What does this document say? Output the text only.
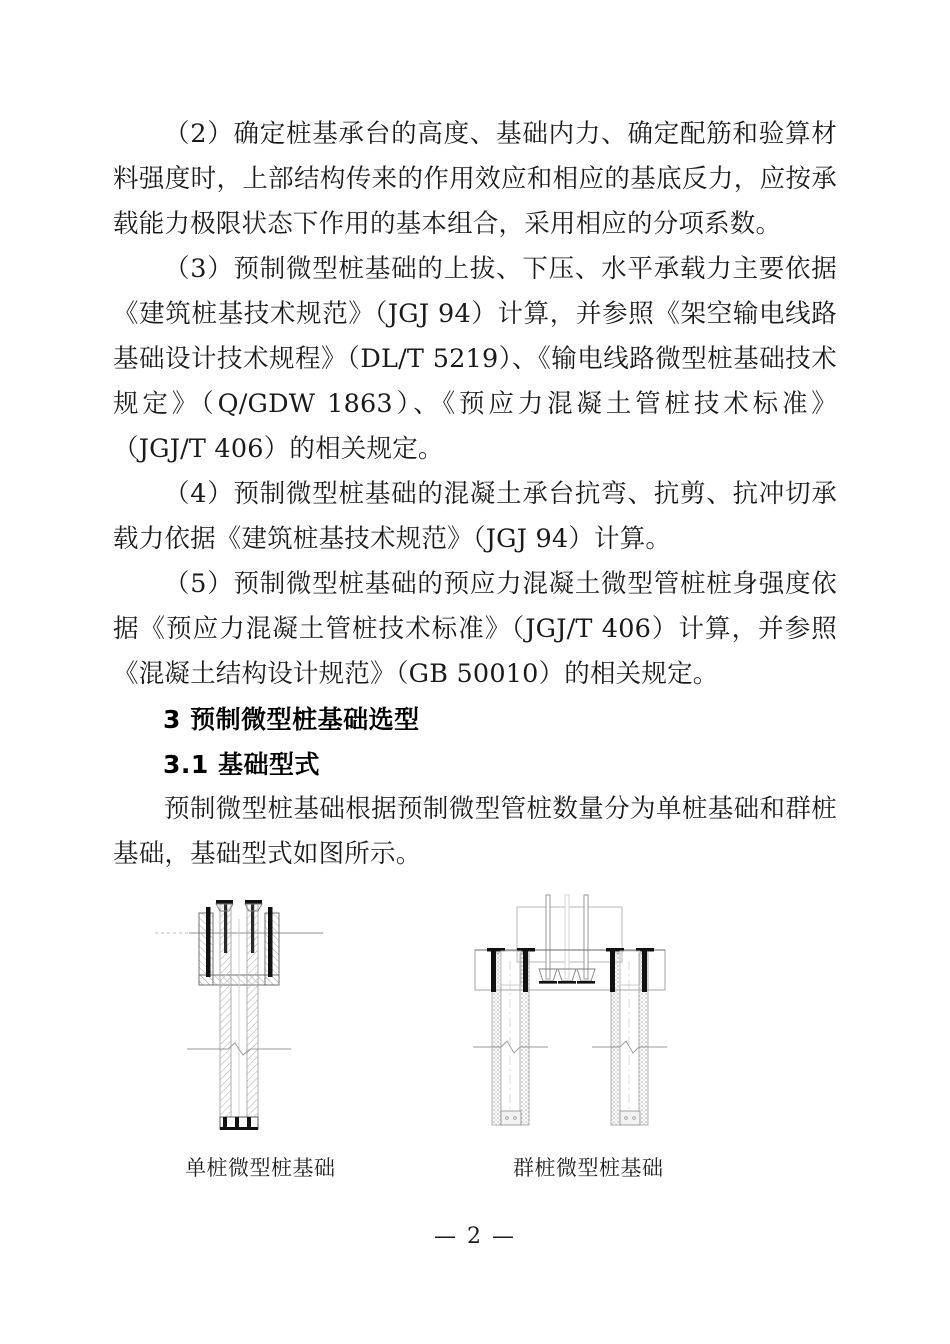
（2）确定桩基承台的高度、基础内力、确定配筋和验算材料强度时，上部结构传来的作用效应和相应的基底反力，应按承载能力极限状态下作用的基本组合，采用相应的分项系数。

（3）预制微型桩基础的上拔、下压、水平承载力主要依据《建筑桩基技术规范》（JGJ 94）计算，并参照《架空输电线路基础设计技术规程》（DL/T 5219）、《输电线路微型桩基础技术规定》（Q/GDW 1863）、《预应力混凝土管桩技术标准》（JGJ/T 406）的相关规定。

（4）预制微型桩基础的混凝土承台抗弯、抗剪、抗冲切承载力依据《建筑桩基技术规范》（JGJ 94）计算。

（5）预制微型桩基础的预应力混凝土微型管桩桩身强度依据《预应力混凝土管桩技术标准》（JGJ/T 406）计算，并参照《混凝土结构设计规范》（GB 50010）的相关规定。

3 预制微型桩基础选型
3.1 基础型式

预制微型桩基础根据预制微型管桩数量分为单桩基础和群桩基础，基础型式如图所示。

单桩微型桩基础	群桩微型桩基础
— 2 —
